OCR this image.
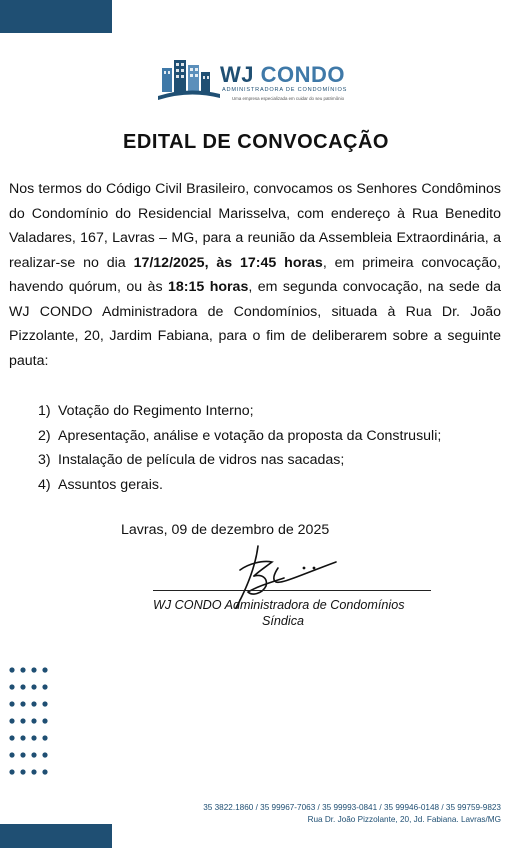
WJ CONDO
ADMINISTRADORA DE CONDOMÍNIOS
Uma empresa especializada em cuidar do seu patrimônio
EDITAL DE CONVOCAÇÃO
Nos termos do Código Civil Brasileiro, convocamos os Senhores Condôminos do Condomínio do Residencial Marisselva, com endereço à Rua Benedito Valadares, 167, Lavras – MG, para a reunião da Assembleia Extraordinária, a realizar-se no dia 17/12/2025, às 17:45 horas, em primeira convocação, havendo quórum, ou às 18:15 horas, em segunda convocação, na sede da WJ CONDO Administradora de Condomínios, situada à Rua Dr. João Pizzolante, 20, Jardim Fabiana, para o fim de deliberarem sobre a seguinte pauta:
1) Votação do Regimento Interno;
2) Apresentação, análise e votação da proposta da Construsuli;
3) Instalação de película de vidros nas sacadas;
4) Assuntos gerais.
Lavras, 09 de dezembro de 2025
WJ CONDO Administradora de Condomínios
Síndica
35 3822.1860 / 35 99967-7063 / 35 99993-0841 / 35 99946-0148 / 35 99759-9823
Rua Dr. João Pizzolante, 20, Jd. Fabiana. Lavras/MG
